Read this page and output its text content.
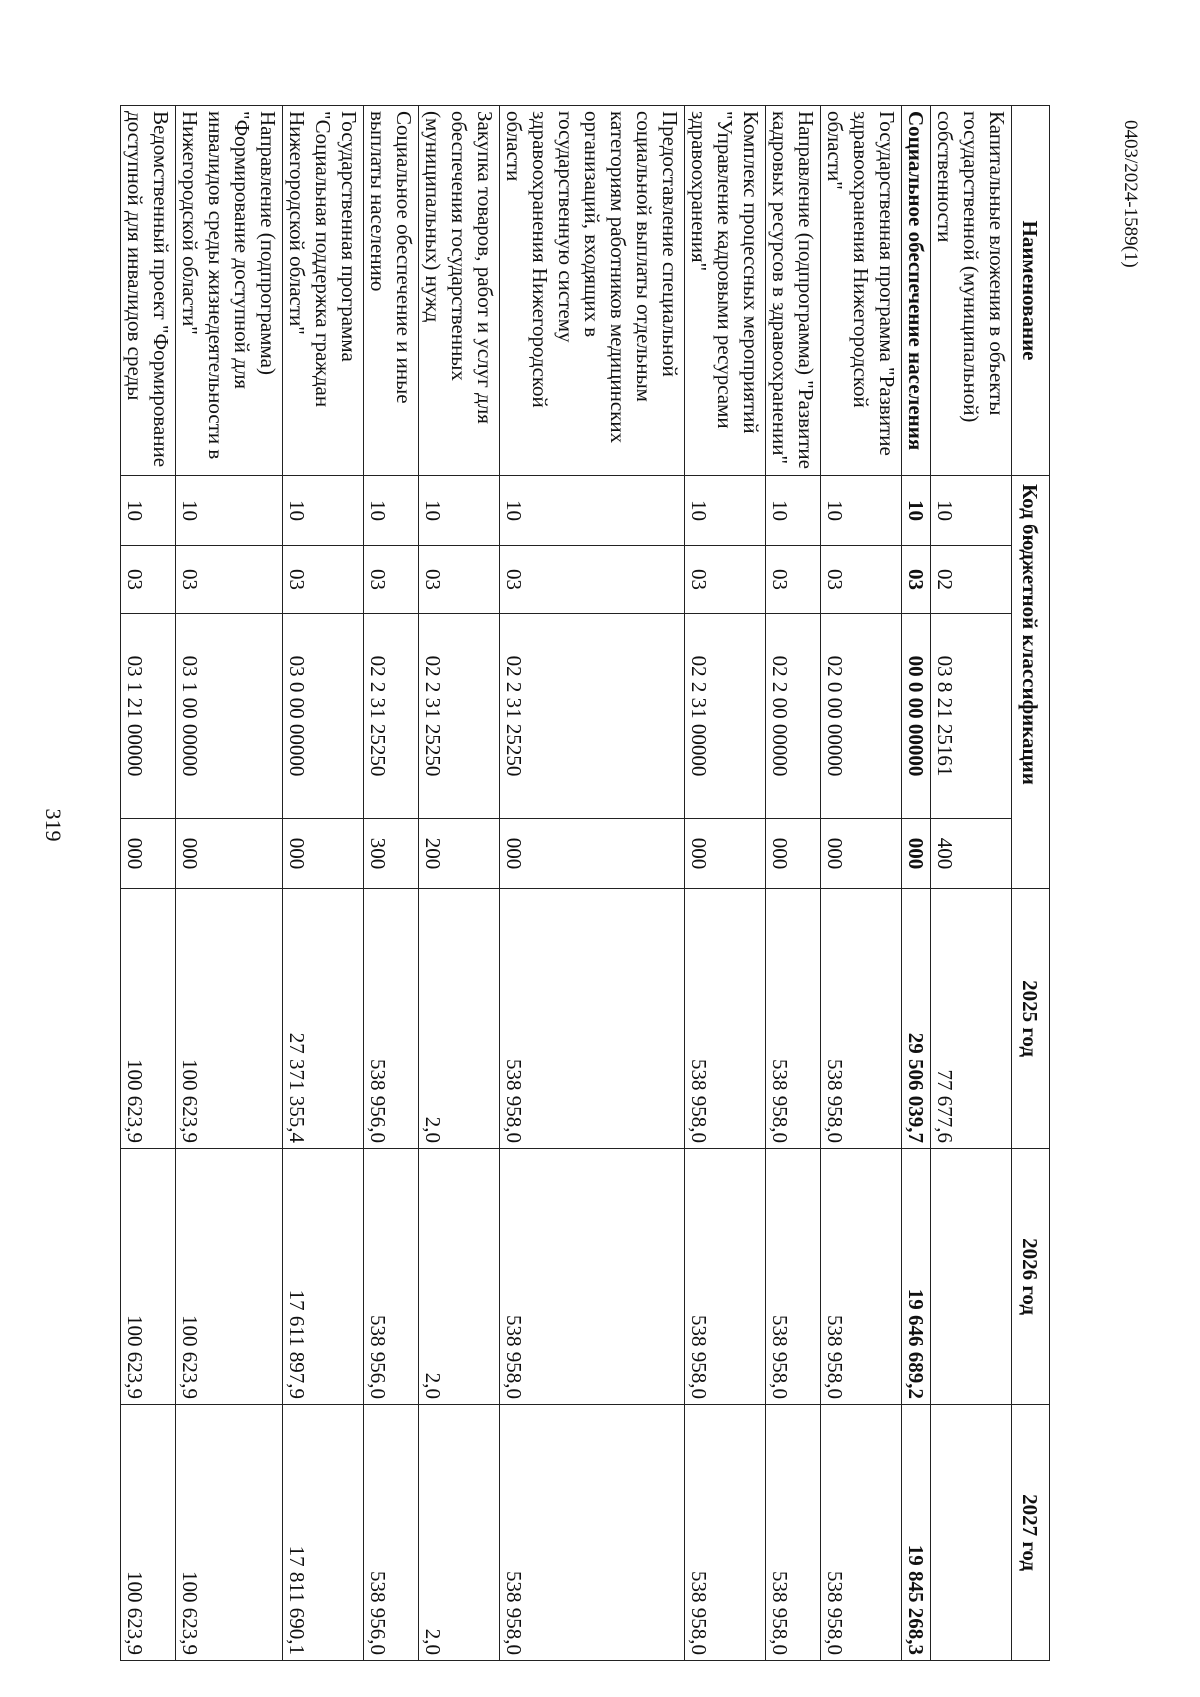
319
0403/2024-1589(1)
Наименование	Код бюджетной классификации				2025 год	2026 год	2027 год
Капитальные вложения в объекты государственной (муниципальной) собственности	10	02	03 8 21 25161	400	77 677,6		
Социальное обеспечение населения	10	03	00 0 00 00000	000	29 506 039,7	19 646 689,2	19 845 268,3
Государственная программа "Развитие здравоохранения Нижегородской области"	10	03	02 0 00 00000	000	538 958,0	538 958,0	538 958,0
Направление (подпрограмма) "Развитие кадровых ресурсов в здравоохранении"	10	03	02 2 00 00000	000	538 958,0	538 958,0	538 958,0
Комплекс процессных мероприятий "Управление кадровыми ресурсами здравоохранения"	10	03	02 2 31 00000	000	538 958,0	538 958,0	538 958,0
Предоставление специальной социальной выплаты отдельным категориям работников медицинских организаций, входящих в государственную систему здравоохранения Нижегородской области	10	03	02 2 31 25250	000	538 958,0	538 958,0	538 958,0
Закупка товаров, работ и услуг для обеспечения государственных (муниципальных) нужд	10	03	02 2 31 25250	200	2,0	2,0	2,0
Социальное обеспечение и иные выплаты населению	10	03	02 2 31 25250	300	538 956,0	538 956,0	538 956,0
Государственная программа "Социальная поддержка граждан Нижегородской области"	10	03	03 0 00 00000	000	27 371 355,4	17 611 897,9	17 811 690,1
Направление (подпрограмма) "Формирование доступной для инвалидов среды жизнедеятельности в Нижегородской области"	10	03	03 1 00 00000	000	100 623,9	100 623,9	100 623,9
Ведомственный проект "Формирование доступной для инвалидов среды	10	03	03 1 21 00000	000	100 623,9	100 623,9	100 623,9
